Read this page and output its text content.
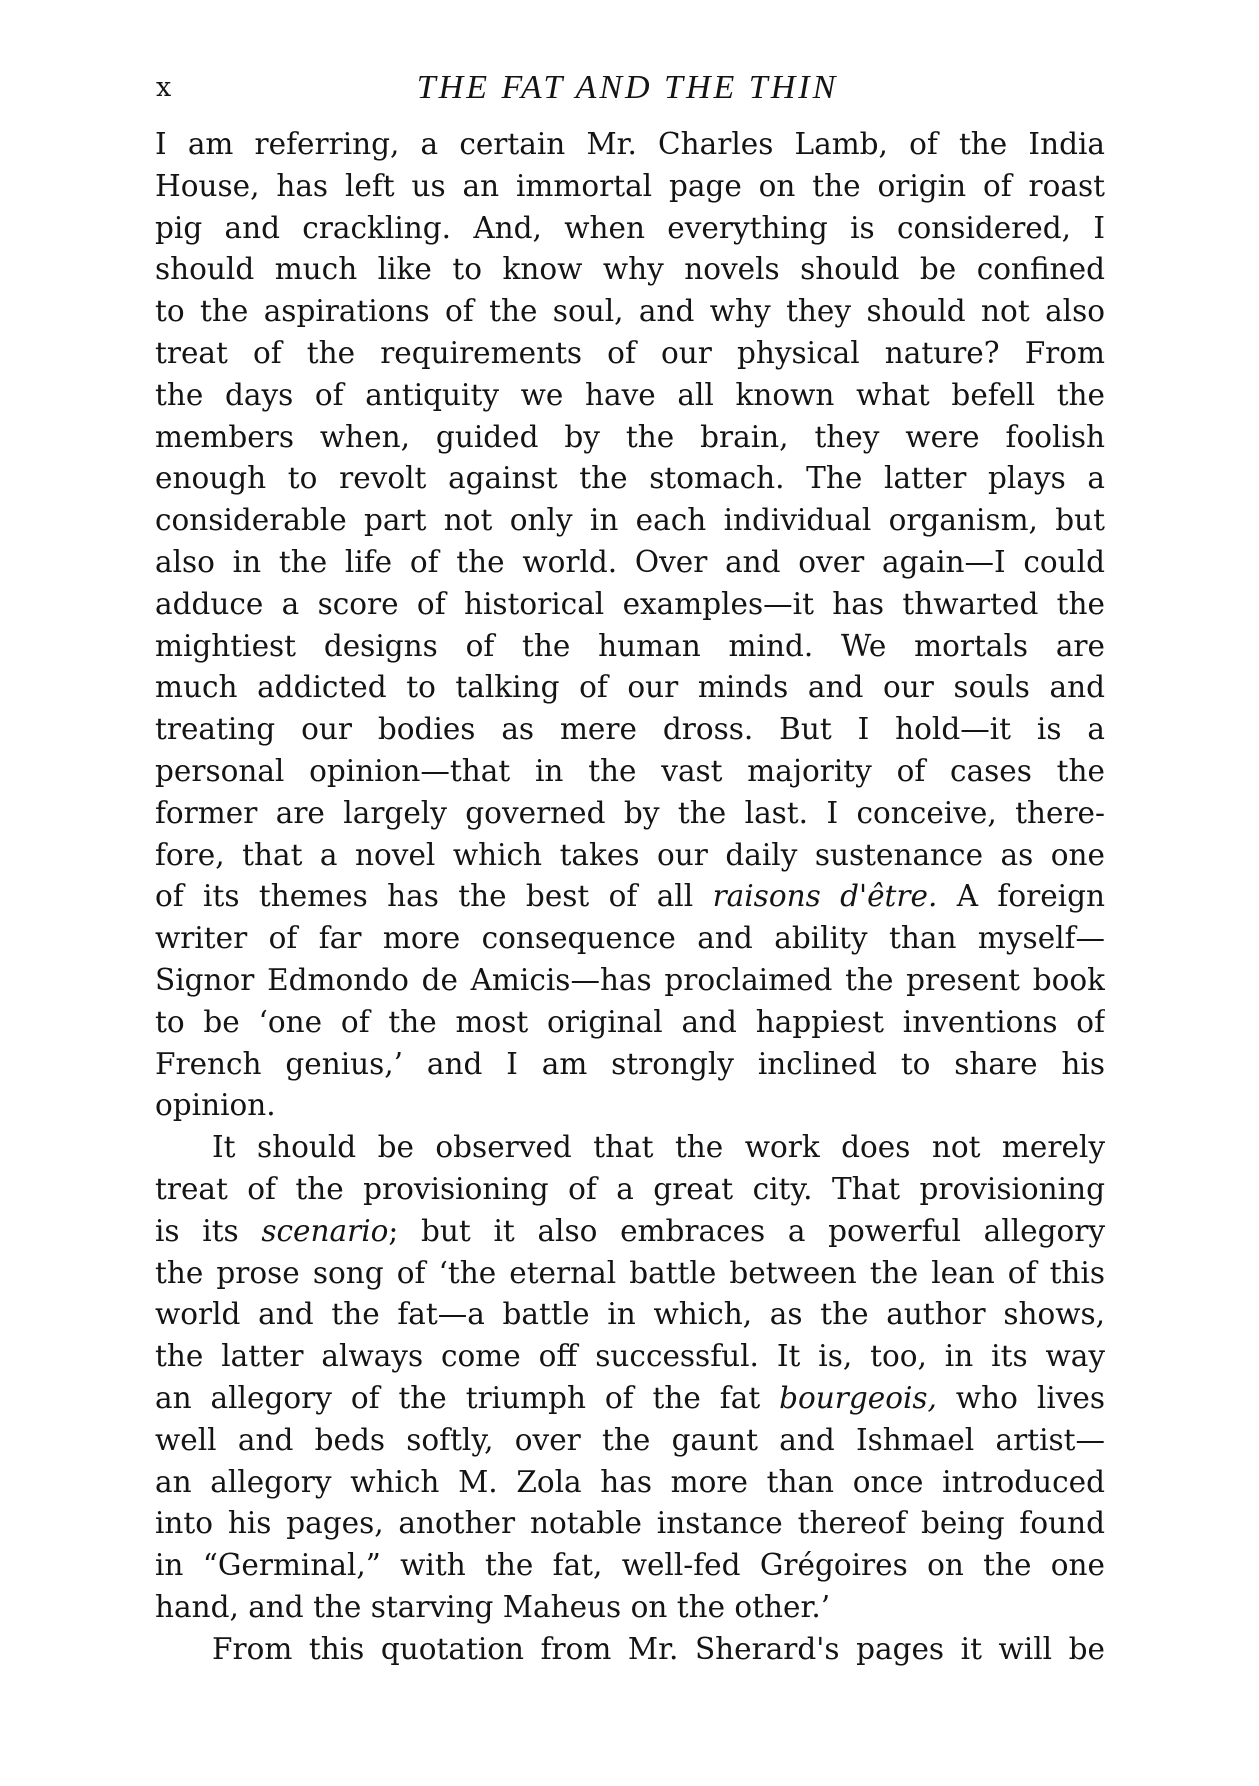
x	THE FAT AND THE THIN
I am referring, a certain Mr. Charles Lamb, of the India
House, has left us an immortal page on the origin of roast
pig and crackling. And, when everything is considered, I
should much like to know why novels should be confined
to the aspirations of the soul, and why they should not also
treat of the requirements of our physical nature? From
the days of antiquity we have all known what befell the
members when, guided by the brain, they were foolish
enough to revolt against the stomach. The latter plays a
considerable part not only in each individual organism, but
also in the life of the world. Over and over again—I could
adduce a score of historical examples—it has thwarted the
mightiest designs of the human mind. We mortals are
much addicted to talking of our minds and our souls and
treating our bodies as mere dross. But I hold—it is a
personal opinion—that in the vast majority of cases the
former are largely governed by the last. I conceive, there-
fore, that a novel which takes our daily sustenance as one
of its themes has the best of all raisons d'être. A foreign
writer of far more consequence and ability than myself—
Signor Edmondo de Amicis—has proclaimed the present book
to be ‘one of the most original and happiest inventions of
French genius,’ and I am strongly inclined to share his
opinion.
It should be observed that the work does not merely
treat of the provisioning of a great city. That provisioning
is its scenario; but it also embraces a powerful allegory
the prose song of ‘the eternal battle between the lean of this
world and the fat—a battle in which, as the author shows,
the latter always come off successful. It is, too, in its way
an allegory of the triumph of the fat bourgeois, who lives
well and beds softly, over the gaunt and Ishmael artist—
an allegory which M. Zola has more than once introduced
into his pages, another notable instance thereof being found
in “Germinal,” with the fat, well-fed Grégoires on the one
hand, and the starving Maheus on the other.’
From this quotation from Mr. Sherard's pages it will be
